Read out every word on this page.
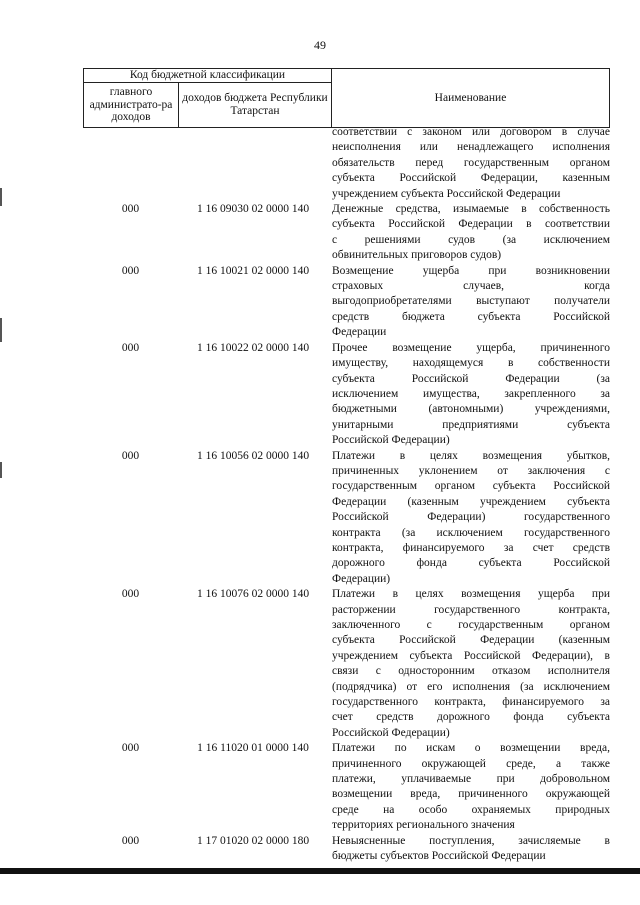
49
Код бюджетной классификации		Наименование
главного администрато-ра доходов	доходов бюджета Республики Татарстан	
соответствии с законом или договором в случае
неисполнения или ненадлежащего исполнения
обязательств перед государственным органом
субъекта Российской Федерации, казенным
учреждением субъекта Российской Федерации
000	1 16 09030 02 0000 140	Денежные средства, изымаемые в собственность
субъекта Российской Федерации в соответствии
с решениями судов (за исключением
обвинительных приговоров судов)
000	1 16 10021 02 0000 140	Возмещение ущерба при возникновении
страховых случаев, когда
выгодоприобретателями выступают получатели
средств бюджета субъекта Российской
Федерации
000	1 16 10022 02 0000 140	Прочее возмещение ущерба, причиненного
имуществу, находящемуся в собственности
субъекта Российской Федерации (за
исключением имущества, закрепленного за
бюджетными (автономными) учреждениями,
унитарными предприятиями субъекта
Российской Федерации)
000	1 16 10056 02 0000 140	Платежи в целях возмещения убытков,
причиненных уклонением от заключения с
государственным органом субъекта Российской
Федерации (казенным учреждением субъекта
Российской Федерации) государственного
контракта (за исключением государственного
контракта, финансируемого за счет средств
дорожного фонда субъекта Российской
Федерации)
000	1 16 10076 02 0000 140	Платежи в целях возмещения ущерба при
расторжении государственного контракта,
заключенного с государственным органом
субъекта Российской Федерации (казенным
учреждением субъекта Российской Федерации), в
связи с односторонним отказом исполнителя
(подрядчика) от его исполнения (за исключением
государственного контракта, финансируемого за
счет средств дорожного фонда субъекта
Российской Федерации)
000	1 16 11020 01 0000 140	Платежи по искам о возмещении вреда,
причиненного окружающей среде, а также
платежи, уплачиваемые при добровольном
возмещении вреда, причиненного окружающей
среде на особо охраняемых природных
территориях регионального значения
000	1 17 01020 02 0000 180	Невыясненные поступления, зачисляемые в
бюджеты субъектов Российской Федерации
